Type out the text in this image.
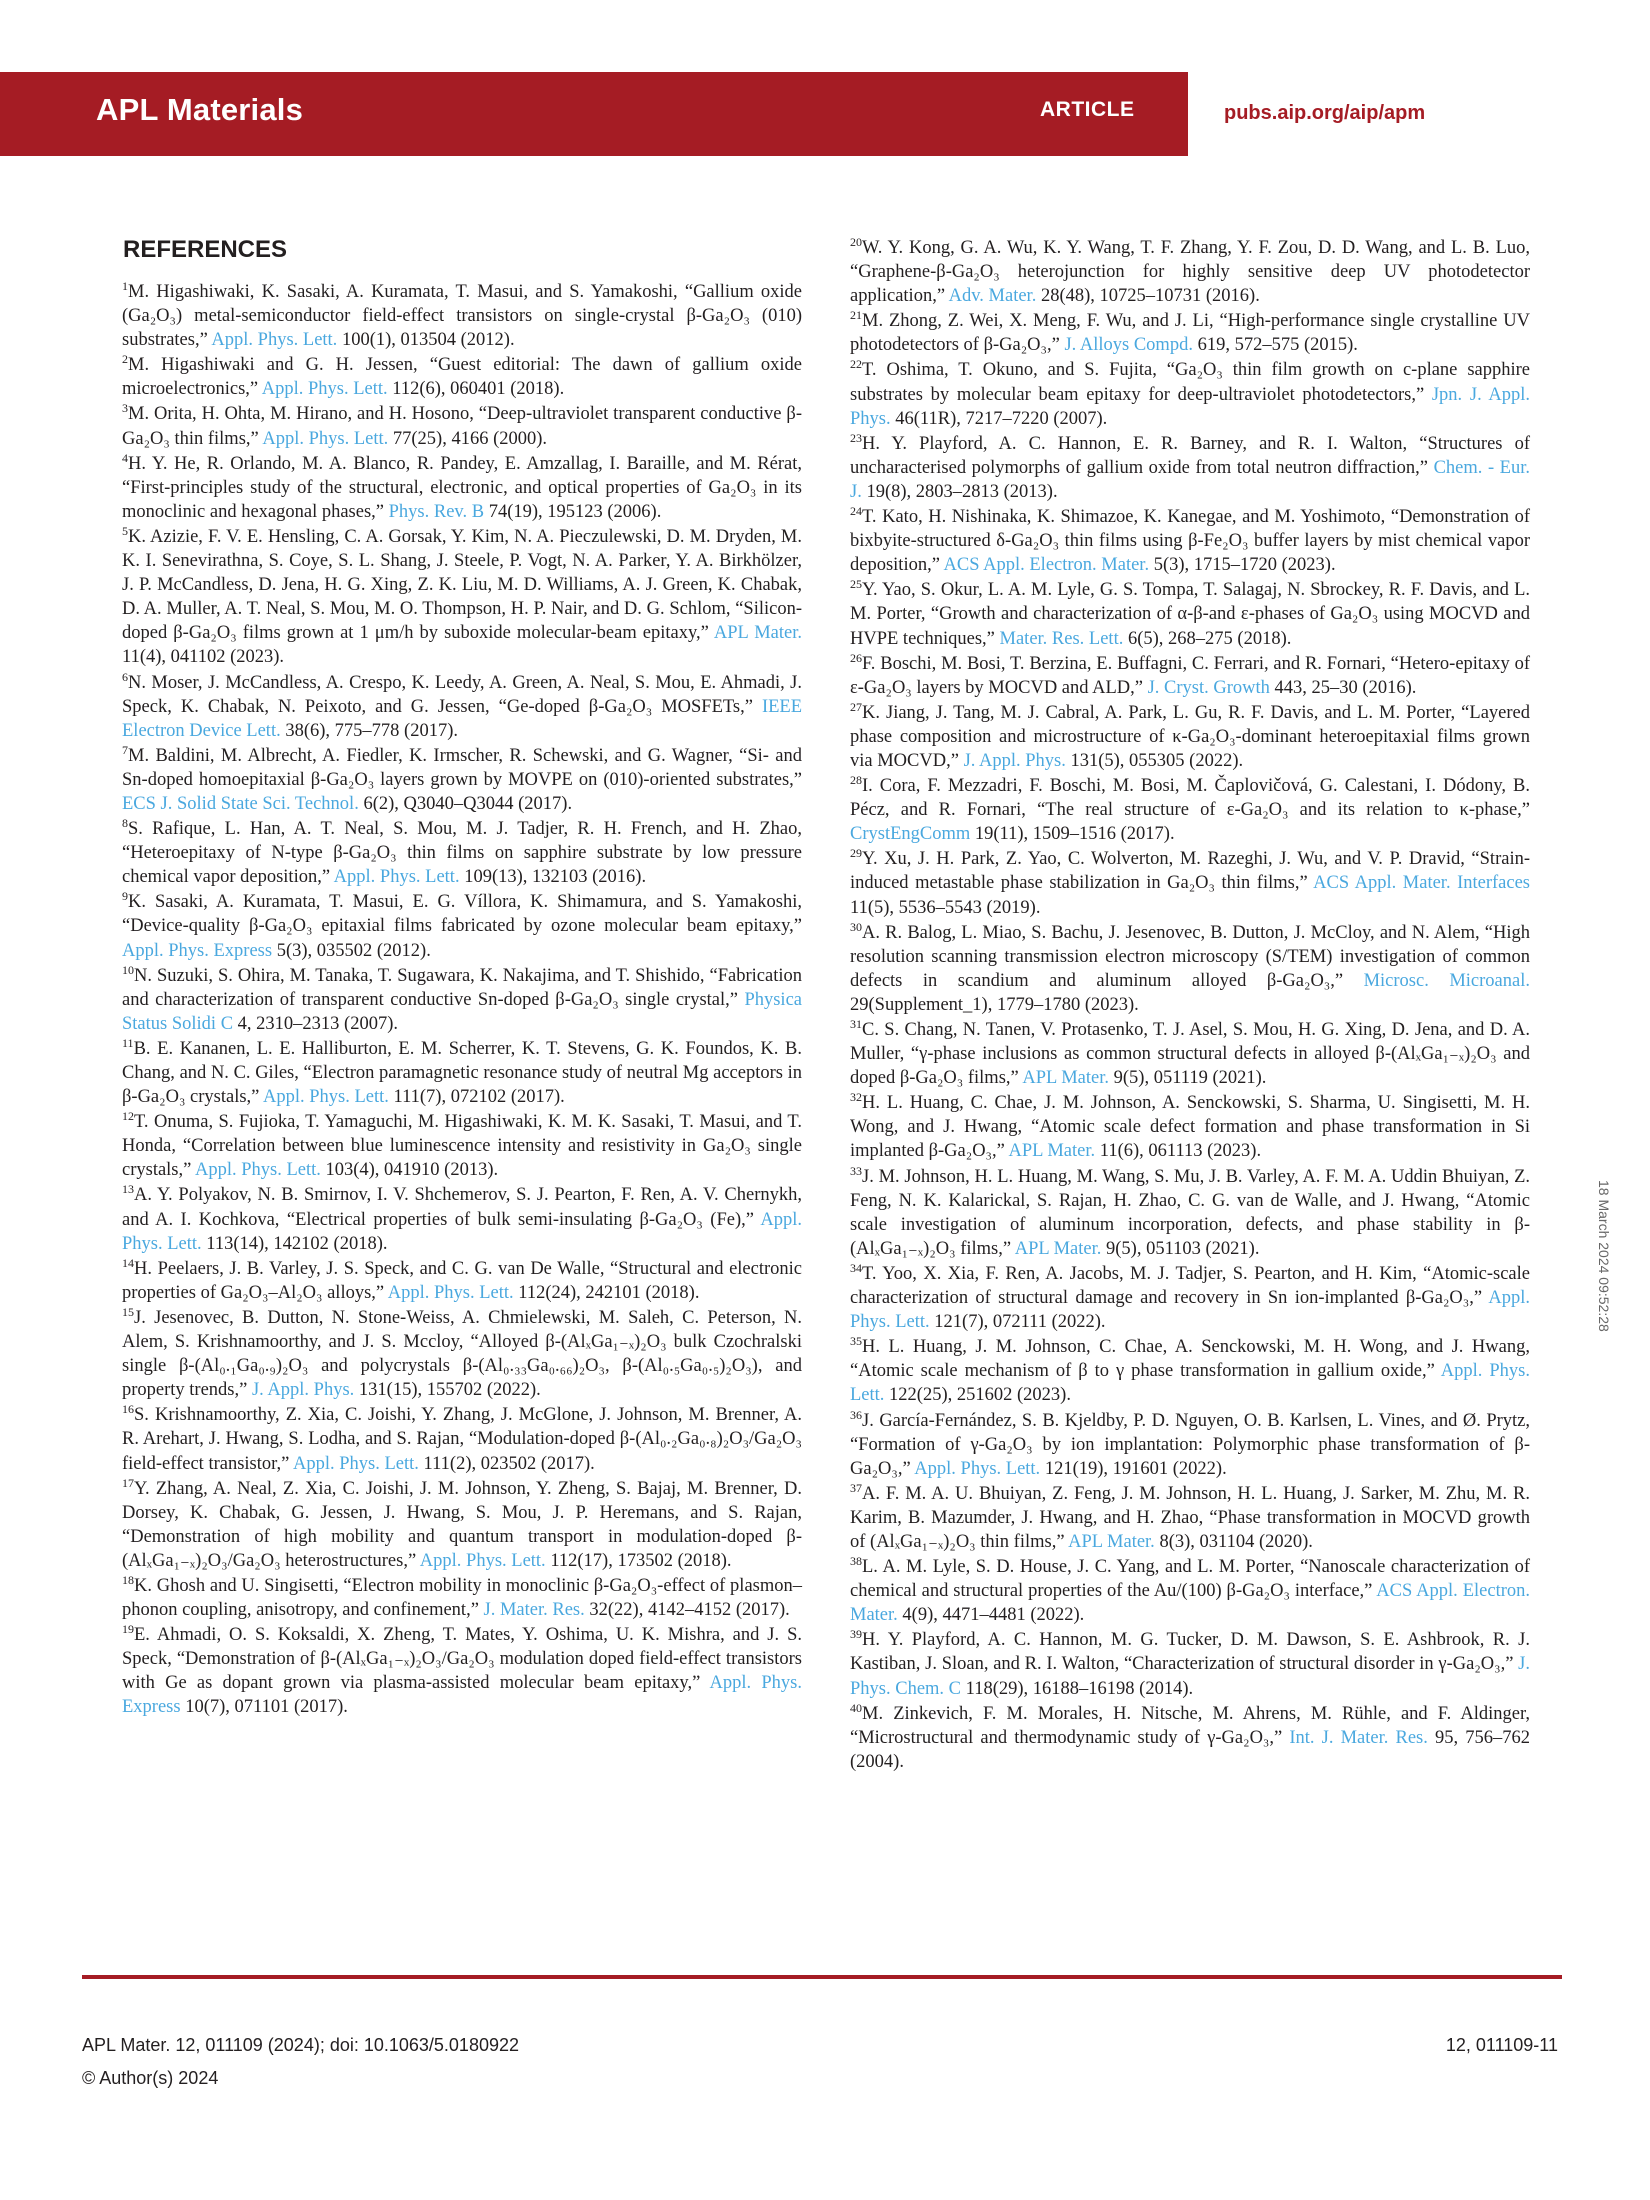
APL Materials	ARTICLE	pubs.aip.org/aip/apm
REFERENCES

$^1$M. Higashiwaki, K. Sasaki, A. Kuramata, T. Masui, and S. Yamakoshi, “Gallium oxide (Ga₂O₃) metal-semiconductor field-effect transistors on single-crystal β-Ga₂O₃ (010) substrates,” Appl. Phys. Lett. 100(1), 013504 (2012).

$^2$M. Higashiwaki and G. H. Jessen, “Guest editorial: The dawn of gallium oxide microelectronics,” Appl. Phys. Lett. 112(6), 060401 (2018).

$^3$M. Orita, H. Ohta, M. Hirano, and H. Hosono, “Deep-ultraviolet transparent conductive β-Ga₂O₃ thin films,” Appl. Phys. Lett. 77(25), 4166 (2000).

$^4$H. Y. He, R. Orlando, M. A. Blanco, R. Pandey, E. Amzallag, I. Baraille, and M. Rérat, “First-principles study of the structural, electronic, and optical properties of Ga₂O₃ in its monoclinic and hexagonal phases,” Phys. Rev. B 74(19), 195123 (2006).

$^5$K. Azizie, F. V. E. Hensling, C. A. Gorsak, Y. Kim, N. A. Pieczulewski, D. M. Dryden, M. K. I. Senevirathna, S. Coye, S. L. Shang, J. Steele, P. Vogt, N. A. Parker, Y. A. Birkhölzer, J. P. McCandless, D. Jena, H. G. Xing, Z. K. Liu, M. D. Williams, A. J. Green, K. Chabak, D. A. Muller, A. T. Neal, S. Mou, M. O. Thompson, H. P. Nair, and D. G. Schlom, “Silicon-doped β-Ga₂O₃ films grown at 1 μm/h by suboxide molecular-beam epitaxy,” APL Mater. 11(4), 041102 (2023).

$^6$N. Moser, J. McCandless, A. Crespo, K. Leedy, A. Green, A. Neal, S. Mou, E. Ahmadi, J. Speck, K. Chabak, N. Peixoto, and G. Jessen, “Ge-doped β-Ga₂O₃ MOSFETs,” IEEE Electron Device Lett. 38(6), 775–778 (2017).

$^7$M. Baldini, M. Albrecht, A. Fiedler, K. Irmscher, R. Schewski, and G. Wagner, “Si- and Sn-doped homoepitaxial β-Ga₂O₃ layers grown by MOVPE on (010)-oriented substrates,” ECS J. Solid State Sci. Technol. 6(2), Q3040–Q3044 (2017).

$^8$S. Rafique, L. Han, A. T. Neal, S. Mou, M. J. Tadjer, R. H. French, and H. Zhao, “Heteroepitaxy of N-type β-Ga₂O₃ thin films on sapphire substrate by low pressure chemical vapor deposition,” Appl. Phys. Lett. 109(13), 132103 (2016).

$^9$K. Sasaki, A. Kuramata, T. Masui, E. G. Víllora, K. Shimamura, and S. Yamakoshi, “Device-quality β-Ga₂O₃ epitaxial films fabricated by ozone molecular beam epitaxy,” Appl. Phys. Express 5(3), 035502 (2012).

$^{10}$N. Suzuki, S. Ohira, M. Tanaka, T. Sugawara, K. Nakajima, and T. Shishido, “Fabrication and characterization of transparent conductive Sn-doped β-Ga₂O₃ single crystal,” Physica Status Solidi C 4, 2310–2313 (2007).

$^{11}$B. E. Kananen, L. E. Halliburton, E. M. Scherrer, K. T. Stevens, G. K. Foundos, K. B. Chang, and N. C. Giles, “Electron paramagnetic resonance study of neutral Mg acceptors in β-Ga₂O₃ crystals,” Appl. Phys. Lett. 111(7), 072102 (2017).

$^{12}$T. Onuma, S. Fujioka, T. Yamaguchi, M. Higashiwaki, K. M. K. Sasaki, T. Masui, and T. Honda, “Correlation between blue luminescence intensity and resistivity in Ga₂O₃ single crystals,” Appl. Phys. Lett. 103(4), 041910 (2013).

$^{13}$A. Y. Polyakov, N. B. Smirnov, I. V. Shchemerov, S. J. Pearton, F. Ren, A. V. Chernykh, and A. I. Kochkova, “Electrical properties of bulk semi-insulating β-Ga₂O₃ (Fe),” Appl. Phys. Lett. 113(14), 142102 (2018).

$^{14}$H. Peelaers, J. B. Varley, J. S. Speck, and C. G. van De Walle, “Structural and electronic properties of Ga₂O₃–Al₂O₃ alloys,” Appl. Phys. Lett. 112(24), 242101 (2018).

$^{15}$J. Jesenovec, B. Dutton, N. Stone-Weiss, A. Chmielewski, M. Saleh, C. Peterson, N. Alem, S. Krishnamoorthy, and J. S. Mccloy, “Alloyed β-(AlₓGa₁₋ₓ)₂O₃ bulk Czochralski single β-(Al₀.₁Ga₀.₉)₂O₃ and polycrystals β-(Al₀.₃₃Ga₀.₆₆)₂O₃, β-(Al₀.₅Ga₀.₅)₂O₃), and property trends,” J. Appl. Phys. 131(15), 155702 (2022).

$^{16}$S. Krishnamoorthy, Z. Xia, C. Joishi, Y. Zhang, J. McGlone, J. Johnson, M. Brenner, A. R. Arehart, J. Hwang, S. Lodha, and S. Rajan, “Modulation-doped β-(Al₀.₂Ga₀.₈)₂O₃/Ga₂O₃ field-effect transistor,” Appl. Phys. Lett. 111(2), 023502 (2017).

$^{17}$Y. Zhang, A. Neal, Z. Xia, C. Joishi, J. M. Johnson, Y. Zheng, S. Bajaj, M. Brenner, D. Dorsey, K. Chabak, G. Jessen, J. Hwang, S. Mou, J. P. Heremans, and S. Rajan, “Demonstration of high mobility and quantum transport in modulation-doped β-(AlₓGa₁₋ₓ)₂O₃/Ga₂O₃ heterostructures,” Appl. Phys. Lett. 112(17), 173502 (2018).

$^{18}$K. Ghosh and U. Singisetti, “Electron mobility in monoclinic β-Ga₂O₃-effect of plasmon–phonon coupling, anisotropy, and confinement,” J. Mater. Res. 32(22), 4142–4152 (2017).

$^{19}$E. Ahmadi, O. S. Koksaldi, X. Zheng, T. Mates, Y. Oshima, U. K. Mishra, and J. S. Speck, “Demonstration of β-(AlₓGa₁₋ₓ)₂O₃/Ga₂O₃ modulation doped field-effect transistors with Ge as dopant grown via plasma-assisted molecular beam epitaxy,” Appl. Phys. Express 10(7), 071101 (2017).

$^{20}$W. Y. Kong, G. A. Wu, K. Y. Wang, T. F. Zhang, Y. F. Zou, D. D. Wang, and L. B. Luo, “Graphene-β-Ga₂O₃ heterojunction for highly sensitive deep UV photodetector application,” Adv. Mater. 28(48), 10725–10731 (2016).

$^{21}$M. Zhong, Z. Wei, X. Meng, F. Wu, and J. Li, “High-performance single crystalline UV photodetectors of β-Ga₂O₃,” J. Alloys Compd. 619, 572–575 (2015).

$^{22}$T. Oshima, T. Okuno, and S. Fujita, “Ga₂O₃ thin film growth on c-plane sapphire substrates by molecular beam epitaxy for deep-ultraviolet photodetectors,” Jpn. J. Appl. Phys. 46(11R), 7217–7220 (2007).

$^{23}$H. Y. Playford, A. C. Hannon, E. R. Barney, and R. I. Walton, “Structures of uncharacterised polymorphs of gallium oxide from total neutron diffraction,” Chem. - Eur. J. 19(8), 2803–2813 (2013).

$^{24}$T. Kato, H. Nishinaka, K. Shimazoe, K. Kanegae, and M. Yoshimoto, “Demonstration of bixbyite-structured δ-Ga₂O₃ thin films using β-Fe₂O₃ buffer layers by mist chemical vapor deposition,” ACS Appl. Electron. Mater. 5(3), 1715–1720 (2023).

$^{25}$Y. Yao, S. Okur, L. A. M. Lyle, G. S. Tompa, T. Salagaj, N. Sbrockey, R. F. Davis, and L. M. Porter, “Growth and characterization of α-β-and ε-phases of Ga₂O₃ using MOCVD and HVPE techniques,” Mater. Res. Lett. 6(5), 268–275 (2018).

$^{26}$F. Boschi, M. Bosi, T. Berzina, E. Buffagni, C. Ferrari, and R. Fornari, “Hetero-epitaxy of ε-Ga₂O₃ layers by MOCVD and ALD,” J. Cryst. Growth 443, 25–30 (2016).

$^{27}$K. Jiang, J. Tang, M. J. Cabral, A. Park, L. Gu, R. F. Davis, and L. M. Porter, “Layered phase composition and microstructure of κ-Ga₂O₃-dominant heteroepitaxial films grown via MOCVD,” J. Appl. Phys. 131(5), 055305 (2022).

$^{28}$I. Cora, F. Mezzadri, F. Boschi, M. Bosi, M. Čaplovičová, G. Calestani, I. Dódony, B. Pécz, and R. Fornari, “The real structure of ε-Ga₂O₃ and its relation to κ-phase,” CrystEngComm 19(11), 1509–1516 (2017).

$^{29}$Y. Xu, J. H. Park, Z. Yao, C. Wolverton, M. Razeghi, J. Wu, and V. P. Dravid, “Strain-induced metastable phase stabilization in Ga₂O₃ thin films,” ACS Appl. Mater. Interfaces 11(5), 5536–5543 (2019).

$^{30}$A. R. Balog, L. Miao, S. Bachu, J. Jesenovec, B. Dutton, J. McCloy, and N. Alem, “High resolution scanning transmission electron microscopy (S/TEM) investigation of common defects in scandium and aluminum alloyed β-Ga₂O₃,” Microsc. Microanal. 29(Supplement_1), 1779–1780 (2023).

$^{31}$C. S. Chang, N. Tanen, V. Protasenko, T. J. Asel, S. Mou, H. G. Xing, D. Jena, and D. A. Muller, “γ-phase inclusions as common structural defects in alloyed β-(AlₓGa₁₋ₓ)₂O₃ and doped β-Ga₂O₃ films,” APL Mater. 9(5), 051119 (2021).

$^{32}$H. L. Huang, C. Chae, J. M. Johnson, A. Senckowski, S. Sharma, U. Singisetti, M. H. Wong, and J. Hwang, “Atomic scale defect formation and phase transformation in Si implanted β-Ga₂O₃,” APL Mater. 11(6), 061113 (2023).

$^{33}$J. M. Johnson, H. L. Huang, M. Wang, S. Mu, J. B. Varley, A. F. M. A. Uddin Bhuiyan, Z. Feng, N. K. Kalarickal, S. Rajan, H. Zhao, C. G. van de Walle, and J. Hwang, “Atomic scale investigation of aluminum incorporation, defects, and phase stability in β-(AlₓGa₁₋ₓ)₂O₃ films,” APL Mater. 9(5), 051103 (2021).

$^{34}$T. Yoo, X. Xia, F. Ren, A. Jacobs, M. J. Tadjer, S. Pearton, and H. Kim, “Atomic-scale characterization of structural damage and recovery in Sn ion-implanted β-Ga₂O₃,” Appl. Phys. Lett. 121(7), 072111 (2022).

$^{35}$H. L. Huang, J. M. Johnson, C. Chae, A. Senckowski, M. H. Wong, and J. Hwang, “Atomic scale mechanism of β to γ phase transformation in gallium oxide,” Appl. Phys. Lett. 122(25), 251602 (2023).

$^{36}$J. García-Fernández, S. B. Kjeldby, P. D. Nguyen, O. B. Karlsen, L. Vines, and Ø. Prytz, “Formation of γ-Ga₂O₃ by ion implantation: Polymorphic phase transformation of β-Ga₂O₃,” Appl. Phys. Lett. 121(19), 191601 (2022).

$^{37}$A. F. M. A. U. Bhuiyan, Z. Feng, J. M. Johnson, H. L. Huang, J. Sarker, M. Zhu, M. R. Karim, B. Mazumder, J. Hwang, and H. Zhao, “Phase transformation in MOCVD growth of (AlₓGa₁₋ₓ)₂O₃ thin films,” APL Mater. 8(3), 031104 (2020).

$^{38}$L. A. M. Lyle, S. D. House, J. C. Yang, and L. M. Porter, “Nanoscale characterization of chemical and structural properties of the Au/(100) β-Ga₂O₃ interface,” ACS Appl. Electron. Mater. 4(9), 4471–4481 (2022).

$^{39}$H. Y. Playford, A. C. Hannon, M. G. Tucker, D. M. Dawson, S. E. Ashbrook, R. J. Kastiban, J. Sloan, and R. I. Walton, “Characterization of structural disorder in γ-Ga₂O₃,” J. Phys. Chem. C 118(29), 16188–16198 (2014).

$^{40}$M. Zinkevich, F. M. Morales, H. Nitsche, M. Ahrens, M. Rühle, and F. Aldinger, “Microstructural and thermodynamic study of γ-Ga₂O₃,” Int. J. Mater. Res. 95, 756–762 (2004).

18 March 2024 09:52:28
APL Mater. 12, 011109 (2024); doi: 10.1063/5.0180922
© Author(s) 2024
12, 011109-11
